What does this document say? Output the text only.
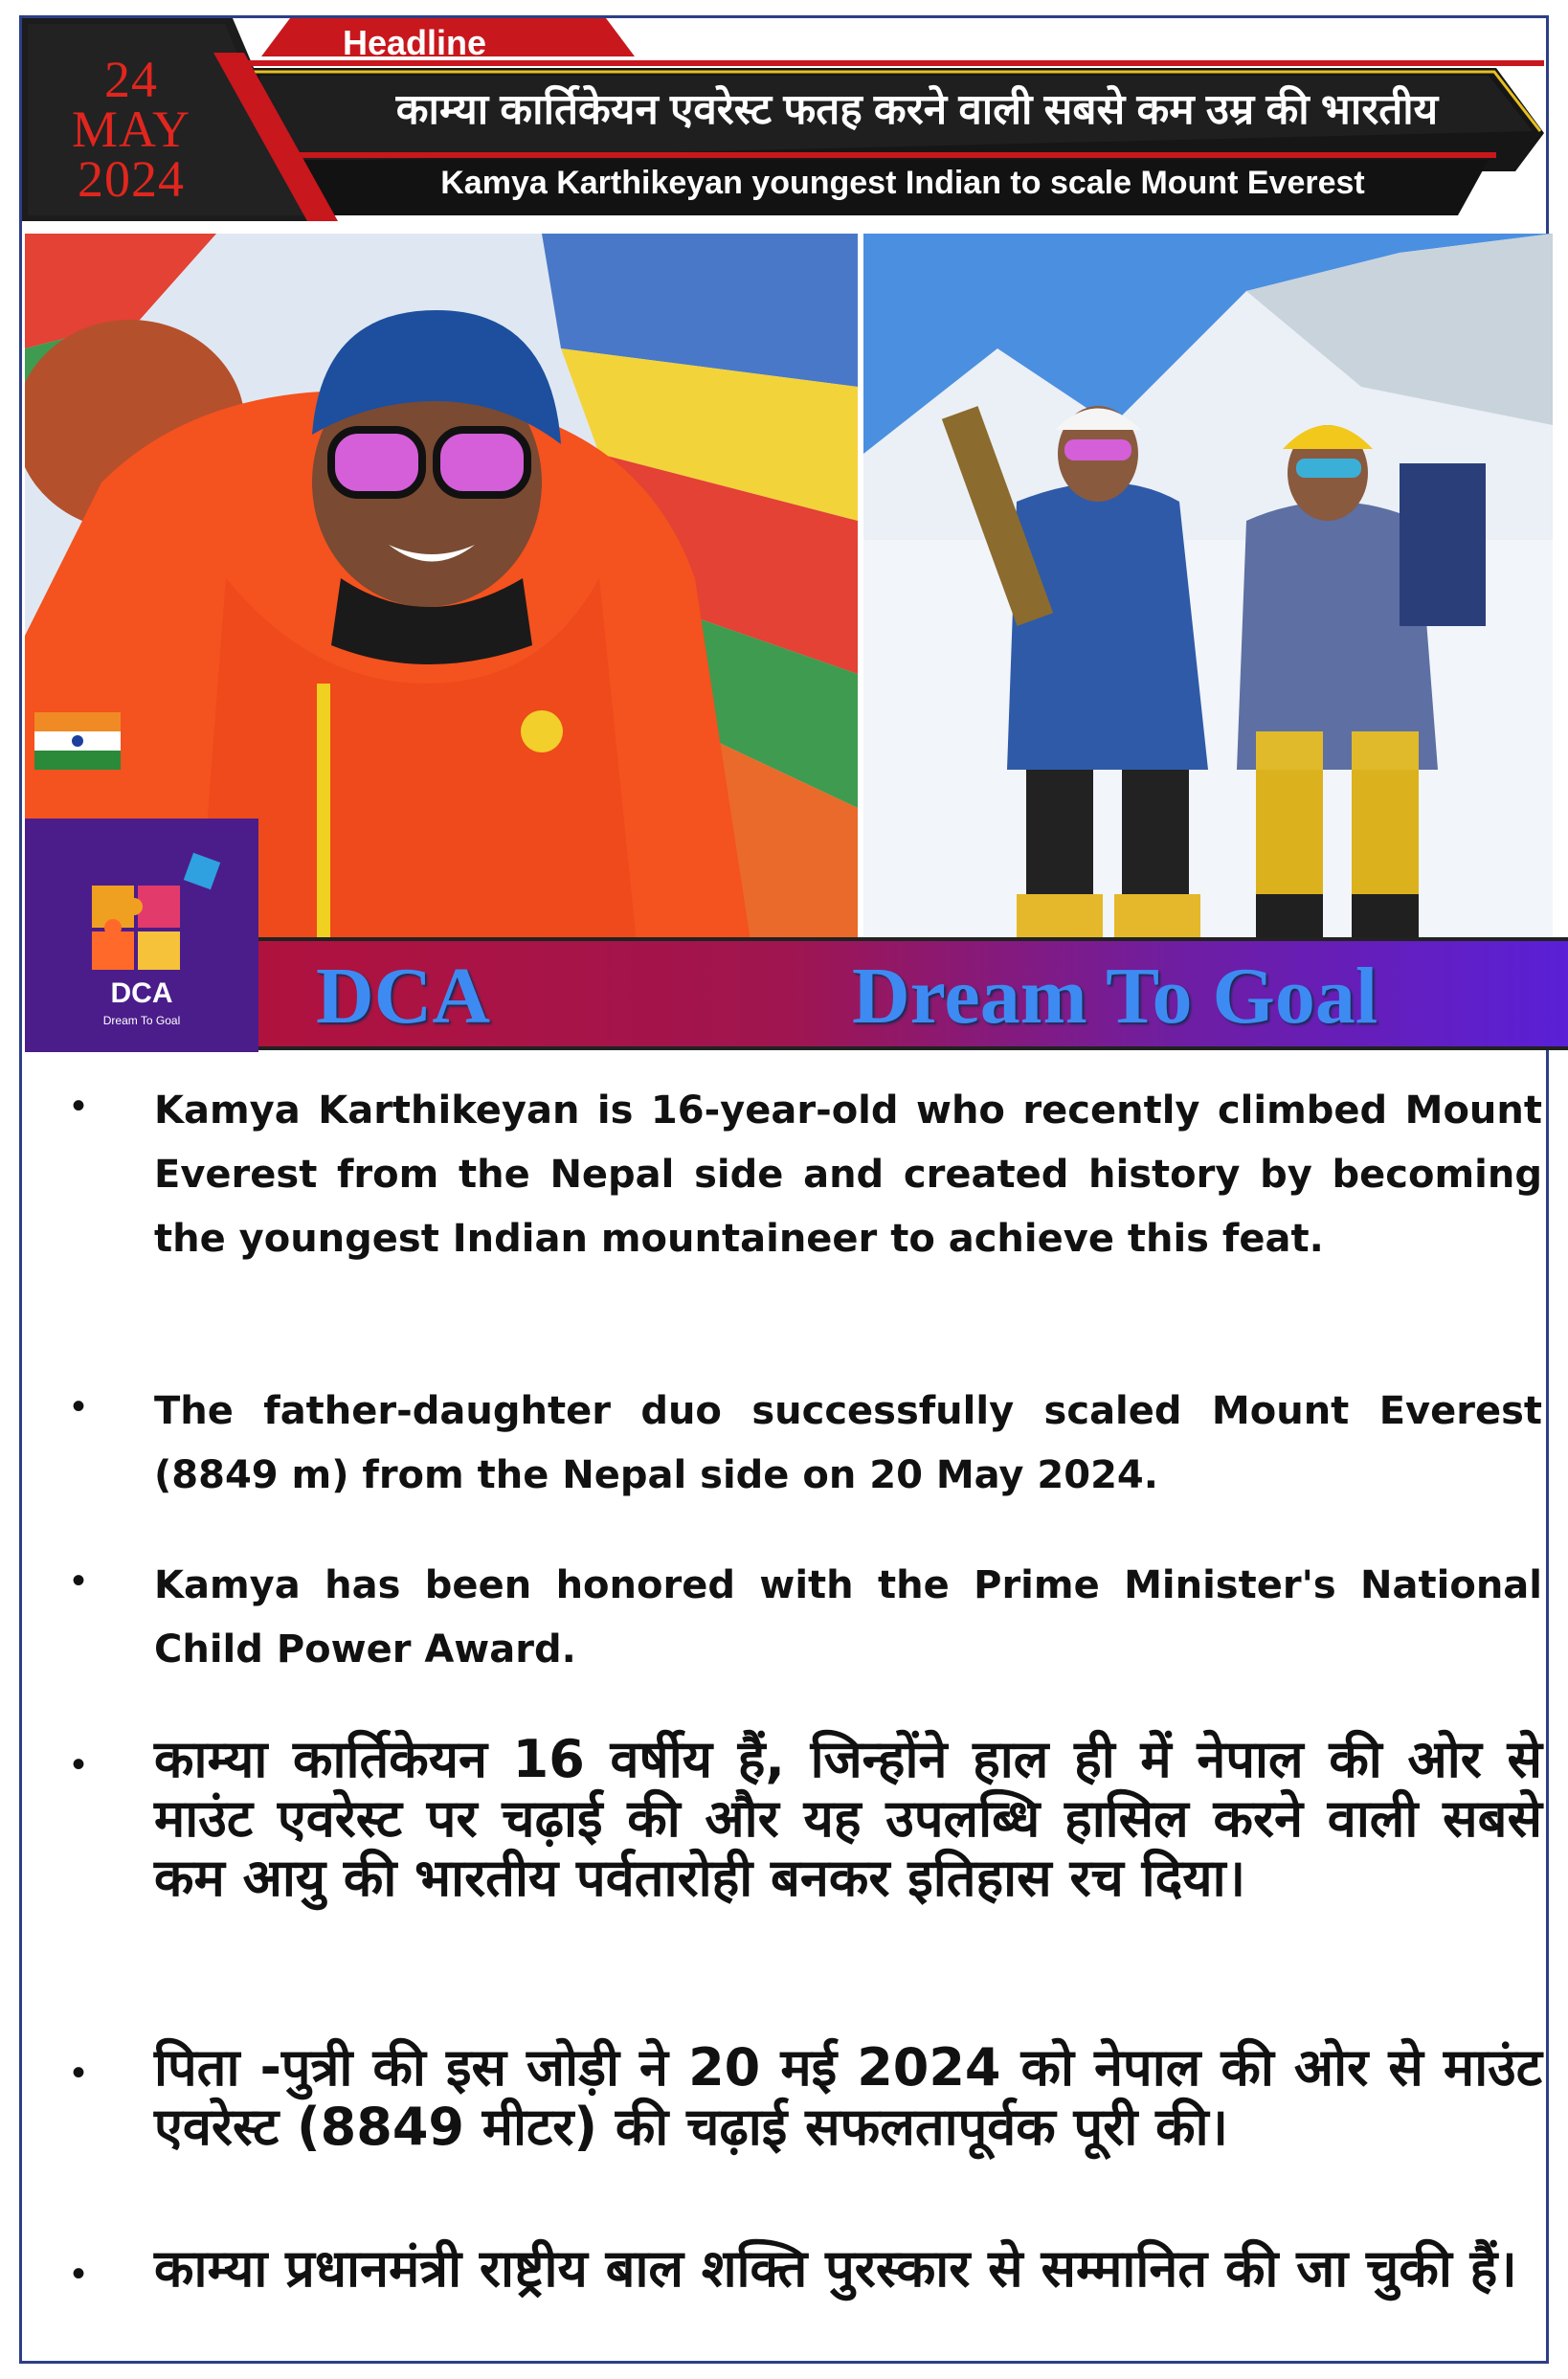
24
MAY
2024
Headline
काम्या कार्तिकेयन एवरेस्ट फतह करने वाली सबसे कम उम्र की भारतीय
Kamya Karthikeyan youngest Indian to scale Mount Everest
DCA
Dream To Goal	DCA	Dream To Goal
• Kamya Karthikeyan is 16-year-old who recently climbed Mount Everest from the Nepal side and created history by becoming the youngest Indian mountaineer to achieve this feat.
• The father-daughter duo successfully scaled Mount Everest (8849 m) from the Nepal side on 20 May 2024.
• Kamya has been honored with the Prime Minister's National Child Power Award.
• काम्या कार्तिकेयन 16 वर्षीय हैं, जिन्होंने हाल ही में नेपाल की ओर से माउंट एवरेस्ट पर चढ़ाई की और यह उपलब्धि हासिल करने वाली सबसे कम आयु की भारतीय पर्वतारोही बनकर इतिहास रच दिया।
• पिता -पुत्री की इस जोड़ी ने 20 मई 2024 को नेपाल की ओर से माउंट एवरेस्ट (8849 मीटर) की चढ़ाई सफलतापूर्वक पूरी की।
• काम्या प्रधानमंत्री राष्ट्रीय बाल शक्ति पुरस्कार से सम्मानित की जा चुकी हैं।
